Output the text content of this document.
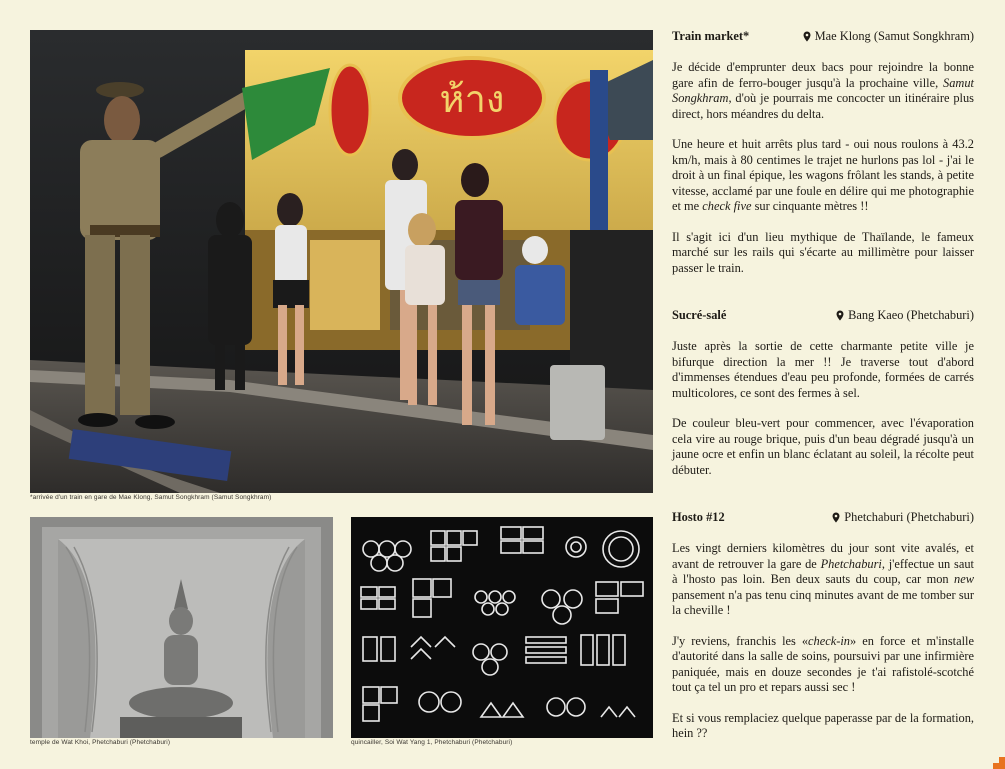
ห้าง
*arrivée d'un train en gare de Mae Klong, Samut Songkhram (Samut Songkhram)
temple de Wat Khoi, Phetchaburi (Phetchaburi)	quincailler, Soi Wat Yang 1, Phetchaburi (Phetchaburi)
Train market*	Mae Klong (Samut Songkhram)

Je décide d'emprunter deux bacs pour rejoindre la bonne gare afin de ferro-bouger jusqu'à la prochaine ville, Samut Songkhram, d'où je pourrais me concocter un itinéraire plus direct, hors méandres du delta.

Une heure et huit arrêts plus tard - oui nous roulons à 43.2 km/h, mais à 80 centimes le trajet ne hurlons pas lol - j'ai le droit à un final épique, les wagons frôlant les stands, à petite vitesse, acclamé par une foule en délire qui me photographie et me check five sur cinquante mètres !!

Il s'agit ici d'un lieu mythique de Thaïlande, le fameux marché sur les rails qui s'écarte au millimètre pour laisser passer le train.

Sucré-salé	Bang Kaeo (Phetchaburi)

Juste après la sortie de cette charmante petite ville je bifurque direction la mer !! Je traverse tout d'abord d'immenses étendues d'eau peu profonde, formées de carrés multicolores, ce sont des fermes à sel.

De couleur bleu-vert pour commencer, avec l'évaporation cela vire au rouge brique, puis d'un beau dégradé jusqu'à un jaune ocre et enfin un blanc éclatant au soleil, la récolte peut débuter.

Hosto #12	Phetchaburi (Phetchaburi)

Les vingt derniers kilomètres du jour sont vite avalés, et avant de retrouver la gare de Phetchaburi, j'effectue un saut à l'hosto pas loin. Ben deux sauts du coup, car mon new pansement n'a pas tenu cinq minutes avant de me tomber sur la cheville !

J'y reviens, franchis les «check-in» en force et m'installe d'autorité dans la salle de soins, poursuivi par une infirmière paniquée, mais en douze secondes je t'ai rafistolé-scotché tout ça tel un pro et repars aussi sec !

Et si vous remplaciez quelque paperasse par de la formation, hein ??
